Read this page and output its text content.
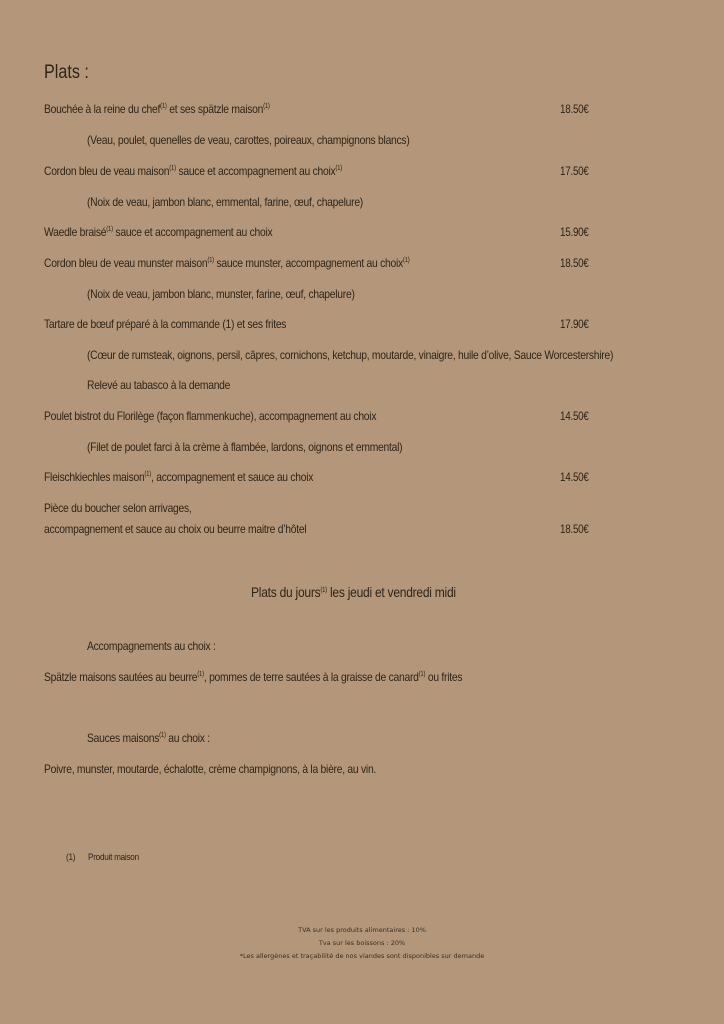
Plats :
Bouchée à la reine du chef$^{(1)}$ et ses spätzle maison$^{(1)}$	18.50€
(Veau, poulet, quenelles de veau, carottes, poireaux, champignons blancs)
Cordon bleu de veau maison$^{(1)}$ sauce et accompagnement au choix$^{(1)}$	17.50€
(Noix de veau, jambon blanc, emmental, farine, œuf, chapelure)
Waedle braisé$^{(1)}$ sauce et accompagnement au choix	15.90€
Cordon bleu de veau munster maison$^{(1)}$ sauce munster, accompagnement au choix$^{(1)}$	18.50€
(Noix de veau, jambon blanc, munster, farine, œuf, chapelure)
Tartare de bœuf préparé à la commande (1) et ses frites	17.90€
(Cœur de rumsteak, oignons, persil, câpres, cornichons, ketchup, moutarde, vinaigre, huile d’olive, Sauce Worcestershire)
Relevé au tabasco à la demande
Poulet bistrot du Florilège (façon flammenkuche), accompagnement au choix	14.50€
(Filet de poulet farci à la crème à flambée, lardons, oignons et emmental)
Fleischkiechles maison$^{(1)}$, accompagnement et sauce au choix	14.50€
Pièce du boucher selon arrivages,
accompagnement et sauce au choix ou beurre maitre d’hôtel	18.50€
Plats du jours$^{(1)}$ les jeudi et vendredi midi
Accompagnements au choix :
Spätzle maisons sautées au beurre$^{(1)}$, pommes de terre sautées à la graisse de canard$^{(1)}$ ou frites
Sauces maisons$^{(1)}$ au choix :
Poivre, munster, moutarde, échalotte, crème champignons, à la bière, au vin.
(1) Produit maison
TVA sur les produits alimentaires : 10%
Tva sur les boissons : 20%
*Les allergènes et traçabilité de nos viandes sont disponibles sur demande
